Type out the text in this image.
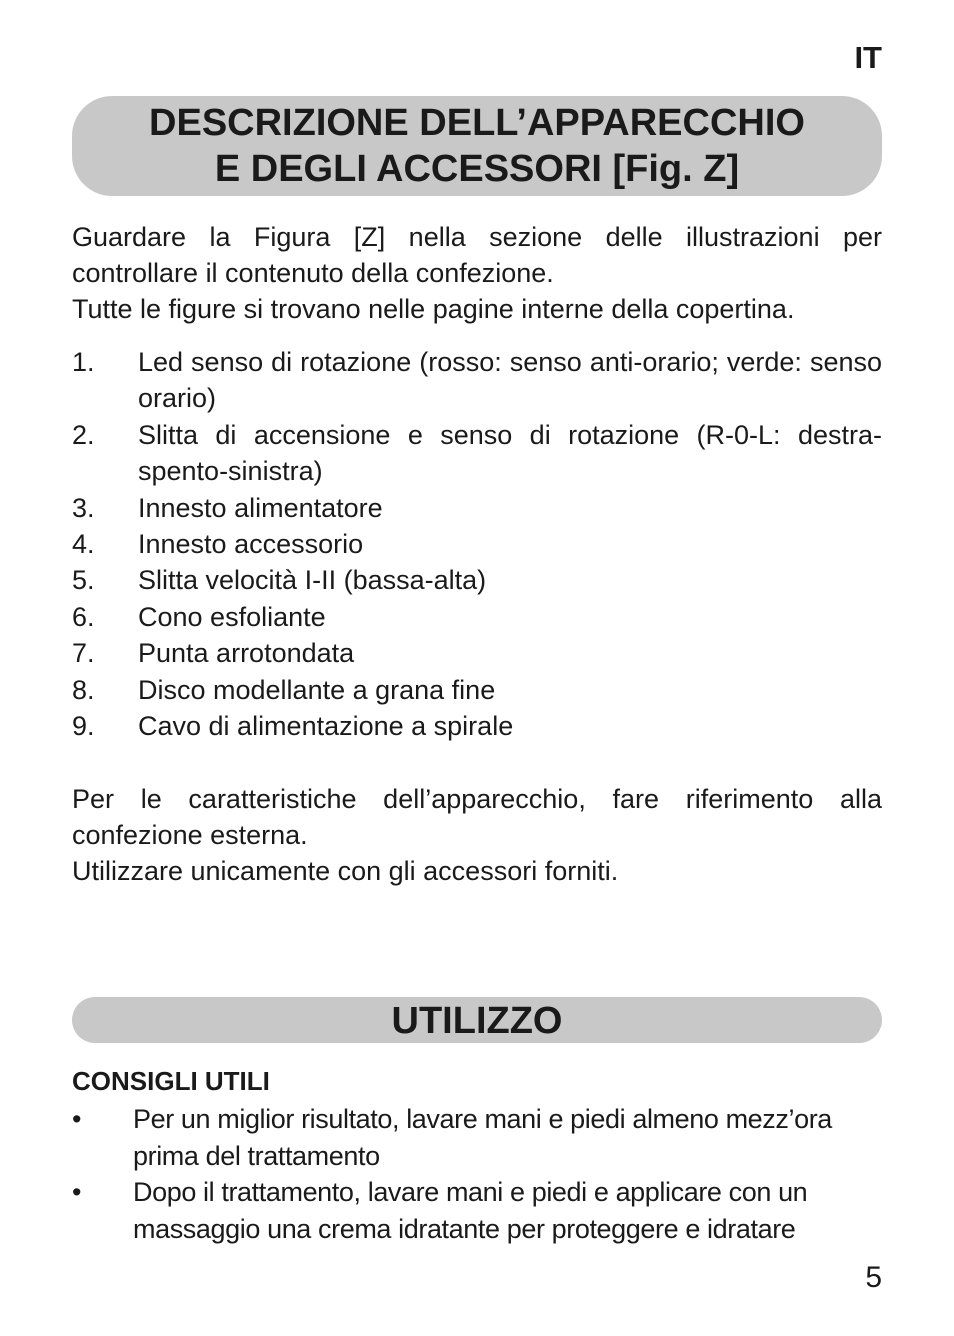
IT
DESCRIZIONE DELL’APPARECCHIO
E DEGLI ACCESSORI [Fig. Z]

Guardare la Figura [Z] nella sezione delle illustrazioni per controllare il contenuto della confezione.

Tutte le figure si trovano nelle pagine interne della copertina.

1.	Led senso di rotazione (rosso: senso anti-orario; verde: senso orario)
2.	Slitta di accensione e senso di rotazione (R-0-L: destra-spento-sinistra)
3.	Innesto alimentatore
4.	Innesto accessorio
5.	Slitta velocità I-II (bassa-alta)
6.	Cono esfoliante
7.	Punta arrotondata
8.	Disco modellante a grana fine
9.	Cavo di alimentazione a spirale

Per le caratteristiche dell’apparecchio, fare riferimento alla confezione esterna.

Utilizzare unicamente con gli accessori forniti.

UTILIZZO
CONSIGLI UTILI
•	Per un miglior risultato, lavare mani e piedi almeno mezz’ora prima del trattamento
•	Dopo il trattamento, lavare mani e piedi e applicare con un massaggio una crema idratante per proteggere e idratare
5
